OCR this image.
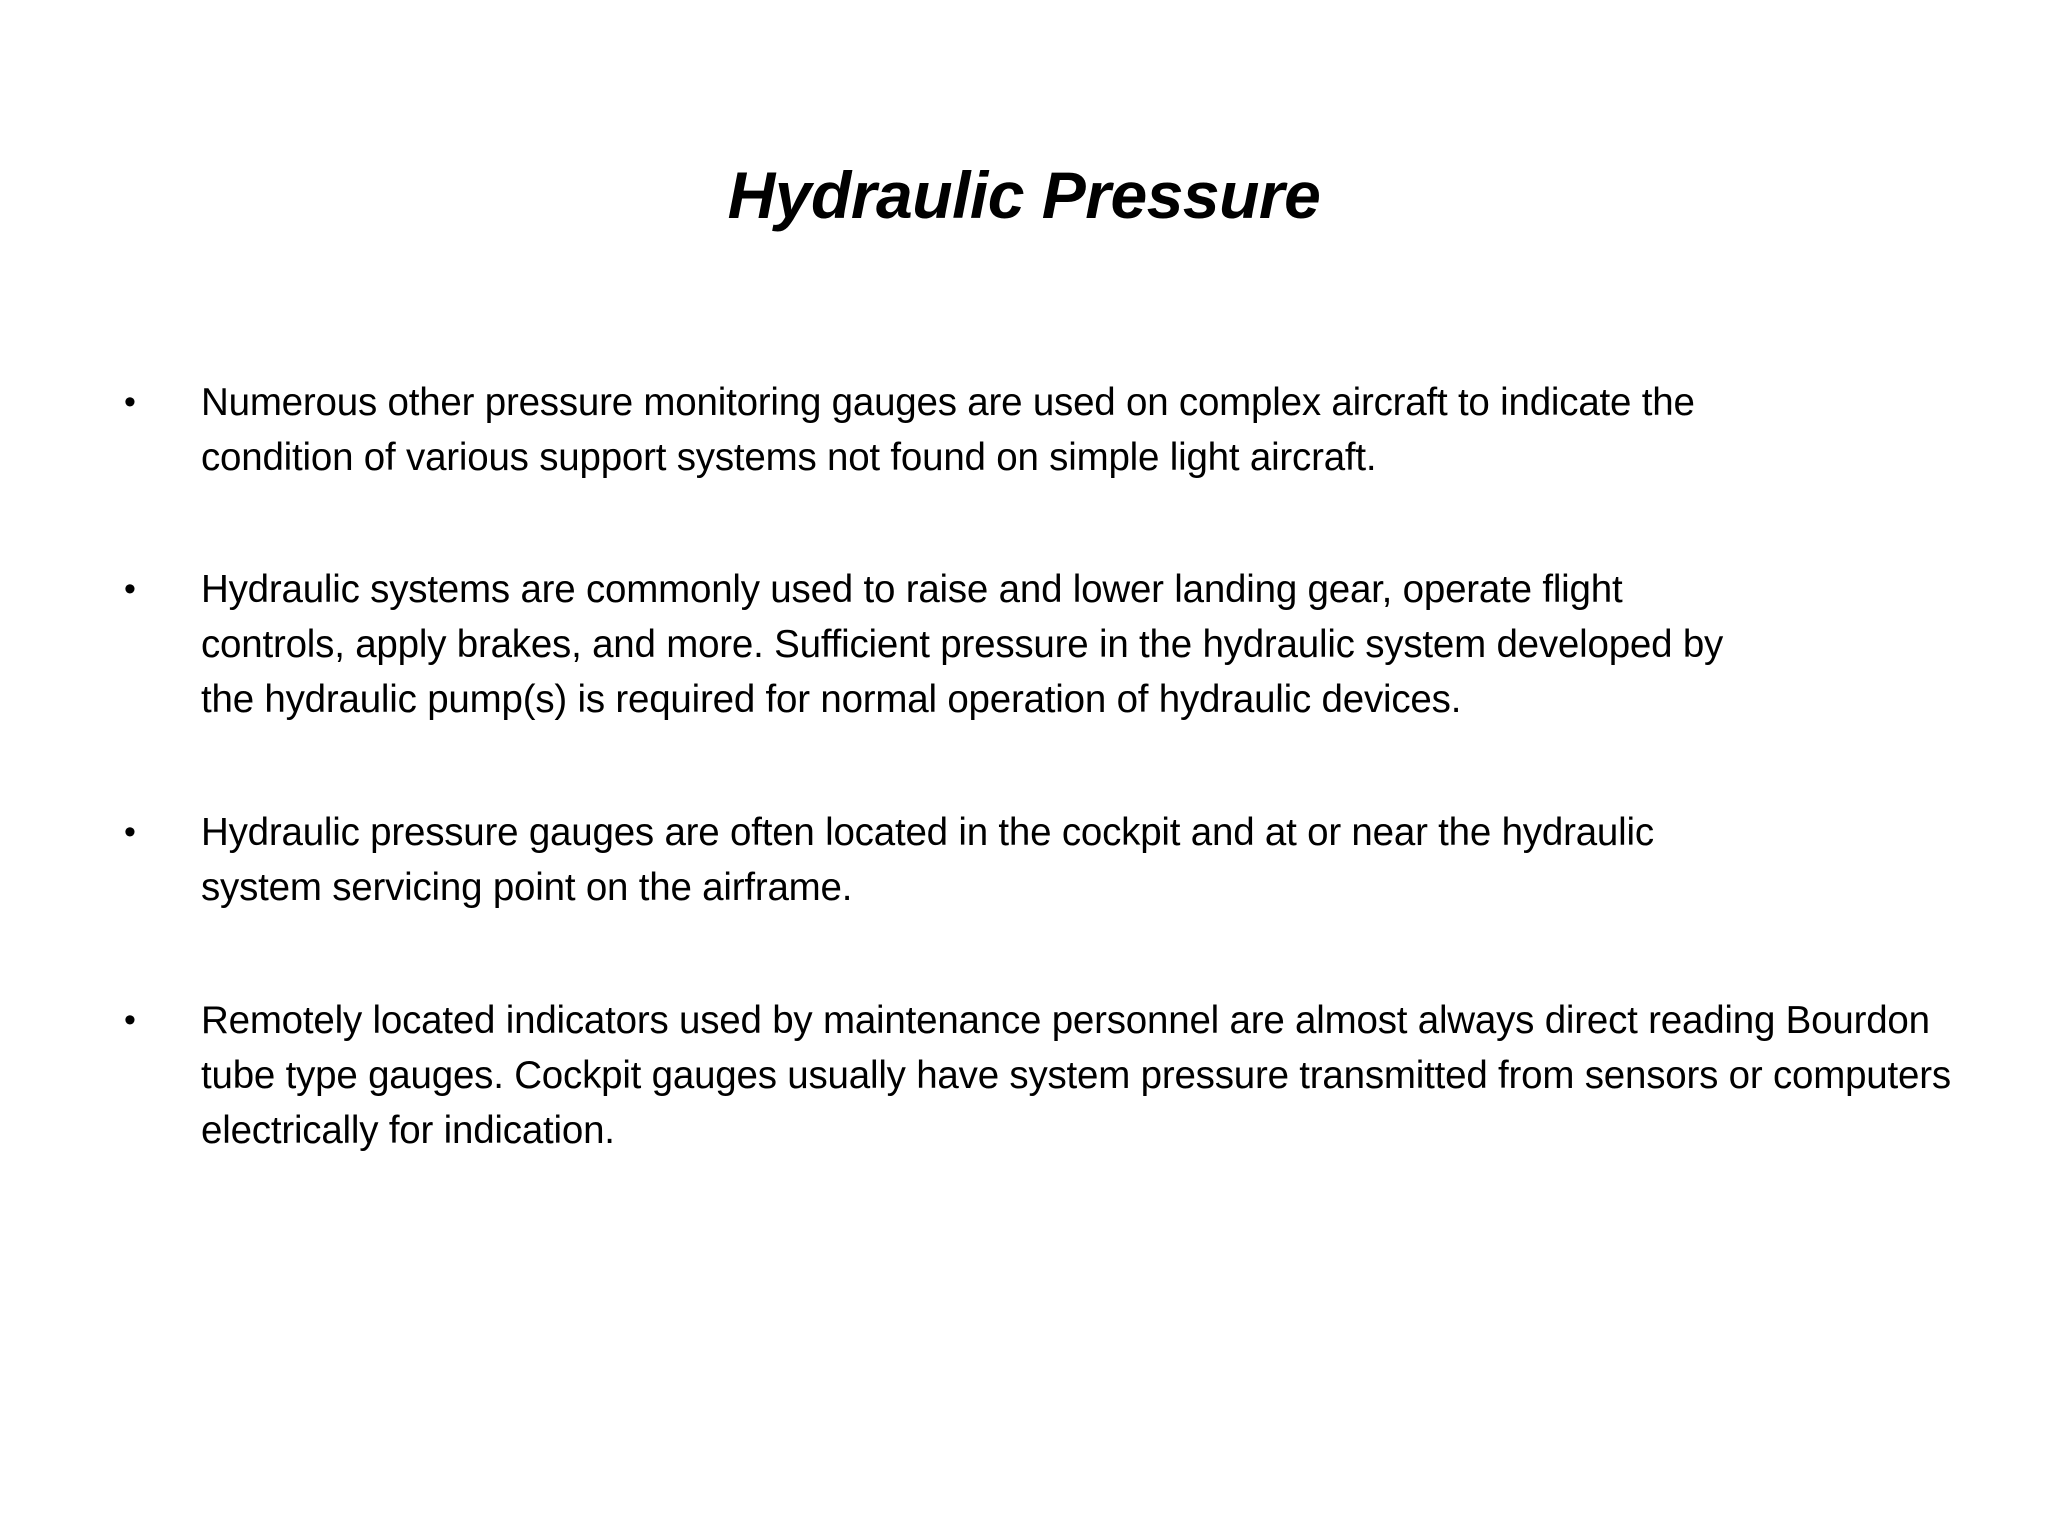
Hydraulic Pressure
• Numerous other pressure monitoring gauges are used on complex aircraft to indicate the condition of various support systems not found on simple light aircraft.
• Hydraulic systems are commonly used to raise and lower landing gear, operate flight controls, apply brakes, and more. Sufficient pressure in the hydraulic system developed by the hydraulic pump(s) is required for normal operation of hydraulic devices.
• Hydraulic pressure gauges are often located in the cockpit and at or near the hydraulic system servicing point on the airframe.
• Remotely located indicators used by maintenance personnel are almost always direct reading Bourdon tube type gauges. Cockpit gauges usually have system pressure transmitted from sensors or computers electrically for indication.
